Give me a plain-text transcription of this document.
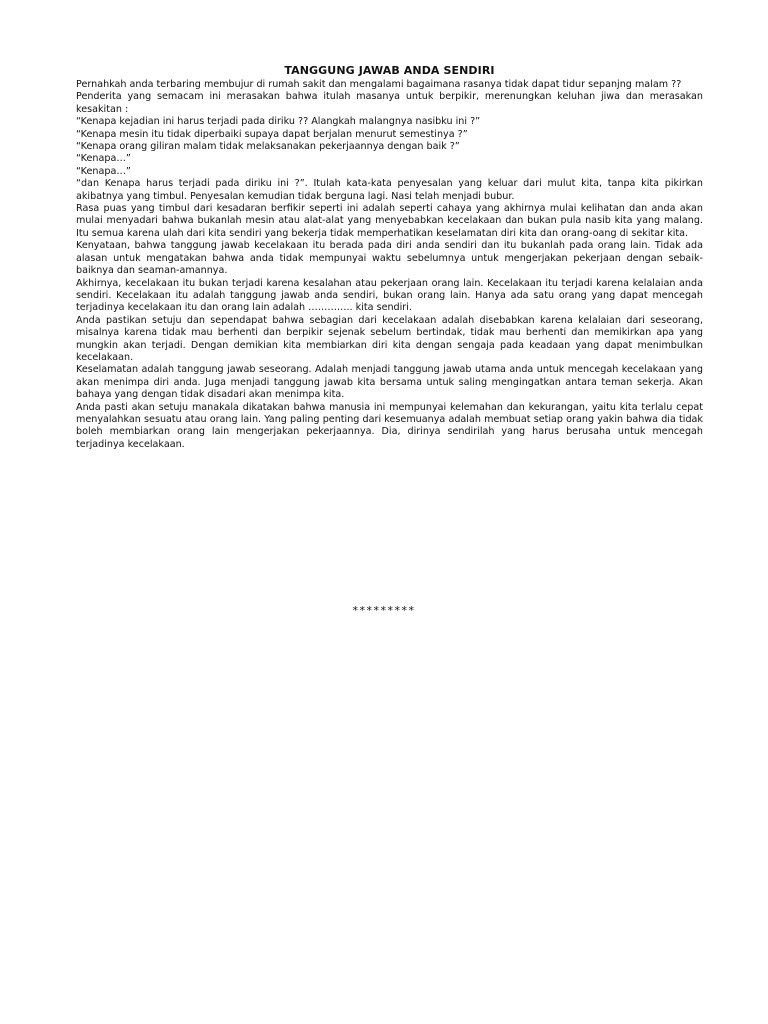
TANGGUNG JAWAB ANDA SENDIRI

Pernahkah anda terbaring membujur di rumah sakit dan mengalami bagaimana rasanya tidak dapat tidur sepanjng malam ??

Penderita yang semacam ini merasakan bahwa itulah masanya untuk berpikir, merenungkan keluhan jiwa dan merasakan kesakitan :

“Kenapa kejadian ini harus terjadi pada diriku ?? Alangkah malangnya nasibku ini ?”

“Kenapa mesin itu tidak diperbaiki supaya dapat berjalan menurut semestinya ?”

“Kenapa orang giliran malam tidak melaksanakan pekerjaannya dengan baik ?”

“Kenapa…”

“Kenapa…”

“dan Kenapa harus terjadi pada diriku ini ?”. Itulah kata-kata penyesalan yang keluar dari mulut kita, tanpa kita pikirkan akibatnya yang timbul. Penyesalan kemudian tidak berguna lagi. Nasi telah menjadi bubur.

Rasa puas yang timbul dari kesadaran berfikir seperti ini adalah seperti cahaya yang akhirnya mulai kelihatan dan anda akan mulai menyadari bahwa bukanlah mesin atau alat-alat yang menyebabkan kecelakaan dan bukan pula nasib kita yang malang. Itu semua karena ulah dari kita sendiri yang bekerja tidak memperhatikan keselamatan diri kita dan orang-oang di sekitar kita.

Kenyataan, bahwa tanggung jawab kecelakaan itu berada pada diri anda sendiri dan itu bukanlah pada orang lain. Tidak ada alasan untuk mengatakan bahwa anda tidak mempunyai waktu sebelumnya untuk mengerjakan pekerjaan dengan sebaik-baiknya dan seaman-amannya.

Akhirnya, kecelakaan itu bukan terjadi karena kesalahan atau pekerjaan orang lain. Kecelakaan itu terjadi karena kelalaian anda sendiri. Kecelakaan itu adalah tanggung jawab anda sendiri, bukan orang lain. Hanya ada satu orang yang dapat mencegah terjadinya kecelakaan itu dan orang lain adalah ………….. kita sendiri.

Anda pastikan setuju dan sependapat bahwa sebagian dari kecelakaan adalah disebabkan karena kelalaian dari seseorang, misalnya karena tidak mau berhenti dan berpikir sejenak sebelum bertindak, tidak mau berhenti dan memikirkan apa yang mungkin akan terjadi. Dengan demikian kita membiarkan diri kita dengan sengaja pada keadaan yang dapat menimbulkan kecelakaan.

Keselamatan adalah tanggung jawab seseorang. Adalah menjadi tanggung jawab utama anda untuk mencegah kecelakaan yang akan menimpa diri anda. Juga menjadi tanggung jawab kita bersama untuk saling mengingatkan antara teman sekerja. Akan bahaya yang dengan tidak disadari akan menimpa kita.

Anda pasti akan setuju manakala dikatakan bahwa manusia ini mempunyai kelemahan dan kekurangan, yaitu kita terlalu cepat menyalahkan sesuatu atau orang lain. Yang paling penting dari kesemuanya adalah membuat setiap orang yakin bahwa dia tidak boleh membiarkan orang lain mengerjakan pekerjaannya. Dia, dirinya sendirilah yang harus berusaha untuk mencegah terjadinya kecelakaan.

*********
